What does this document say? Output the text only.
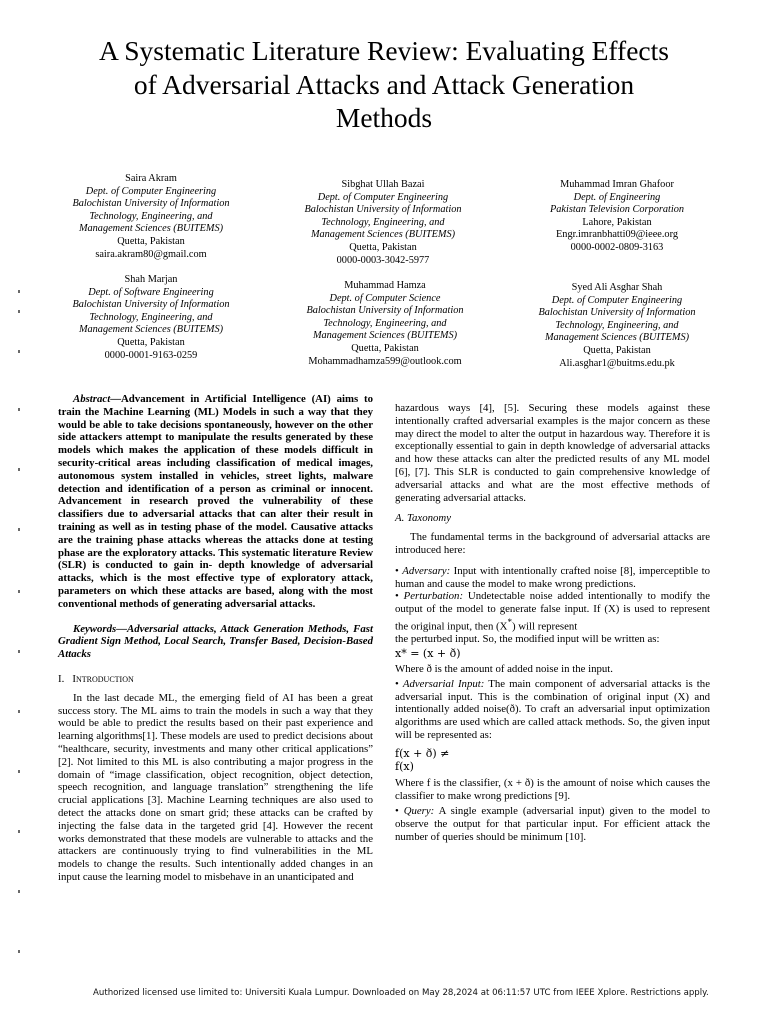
A Systematic Literature Review: Evaluating Effects
of Adversarial Attacks and Attack Generation
Methods
Saira Akram
Dept. of Computer Engineering
Balochistan University of Information
Technology, Engineering, and
Management Sciences (BUITEMS)
Quetta, Pakistan
saira.akram80@gmail.com
Sibghat Ullah Bazai
Dept. of Computer Engineering
Balochistan University of Information
Technology, Engineering, and
Management Sciences (BUITEMS)
Quetta, Pakistan
0000-0003-3042-5977
Muhammad Imran Ghafoor
Dept. of Engineering
Pakistan Television Corporation
Lahore, Pakistan
Engr.imranbhatti09@ieee.org
0000-0002-0809-3163
Shah Marjan
Dept. of Software Engineering
Balochistan University of Information
Technology, Engineering, and
Management Sciences (BUITEMS)
Quetta, Pakistan
0000-0001-9163-0259
Muhammad Hamza
Dept. of Computer Science
Balochistan University of Information
Technology, Engineering, and
Management Sciences (BUITEMS)
Quetta, Pakistan
Mohammadhamza599@outlook.com
Syed Ali Asghar Shah
Dept. of Computer Engineering
Balochistan University of Information
Technology, Engineering, and
Management Sciences (BUITEMS)
Quetta, Pakistan
Ali.asghar1@buitms.edu.pk

Abstract—Advancement in Artificial Intelligence (AI) aims to train the Machine Learning (ML) Models in such a way that they would be able to take decisions spontaneously, however on the other side attackers attempt to manipulate the results generated by these models which makes the application of these models difficult in security-critical areas including classification of medical images, autonomous system installed in vehicles, street lights, malware detection and identification of a person as criminal or innocent. Advancement in research proved the vulnerability of these classifiers due to adversarial attacks that can alter their result in training as well as in testing phase of the model. Causative attacks are the training phase attacks whereas the attacks done at testing phase are the exploratory attacks. This systematic literature Review (SLR) is conducted to gain in- depth knowledge of adversarial attacks, which is the most effective type of exploratory attack, parameters on which these attacks are based, along with the most conventional methods of generating adversarial attacks.

Keywords—Adversarial attacks, Attack Generation Methods, Fast Gradient Sign Method, Local Search, Transfer Based, Decision-Based Attacks

I. Introduction

In the last decade ML, the emerging field of AI has been a great success story. The ML aims to train the models in such a way that they would be able to predict the results based on their past experience and learning algorithms[1]. These models are used to predict decisions about “healthcare, security, investments and many other critical applications” [2]. Not limited to this ML is also contributing a major progress in the domain of “image classification, object recognition, object detection, speech recognition, and language translation” strengthening the life crucial applications [3]. Machine Learning techniques are also used to detect the attacks done on smart grid; these attacks can be crafted by injecting the false data in the targeted grid [4]. However the recent works demonstrated that these models are vulnerable to attacks and the attackers are continuously trying to find vulnerabilities in the ML models to change the results. Such intentionally added changes in an input cause the learning model to misbehave in an unanticipated and

hazardous ways [4], [5]. Securing these models against these intentionally crafted adversarial examples is the major concern as these may direct the model to alter the output in hazardous way. Therefore it is exceptionally essential to gain in depth knowledge of adversarial attacks and how these attacks can alter the predicted results of any ML model [6], [7]. This SLR is conducted to gain comprehensive knowledge of adversarial attacks and what are the most effective methods of generating adversarial attacks.

A. Taxonomy

The fundamental terms in the background of adversarial attacks are introduced here:

• Adversary: Input with intentionally crafted noise [8], imperceptible to human and cause the model to make wrong predictions.

• Perturbation: Undetectable noise added intentionally to modify the output of the model to generate false input. If (X) is used to represent the original input, then (X*) will represent

the perturbed input. So, the modified input will be written as:

x* = (x + ð)

Where ð is the amount of added noise in the input.

• Adversarial Input: The main component of adversarial attacks is the adversarial input. This is the combination of original input (X) and intentionally added noise(ð). To craft an adversarial input optimization algorithms are used which are called attack methods. So, the given input will be represented as:

f(x + ð) ≠

f(x)

Where f is the classifier, (x + ð) is the amount of noise which causes the classifier to make wrong predictions [9].

• Query: A single example (adversarial input) given to the model to observe the output for that particular input. For efficient attack the number of queries should be minimum [10].

Authorized licensed use limited to: Universiti Kuala Lumpur. Downloaded on May 28,2024 at 06:11:57 UTC from IEEE Xplore. Restrictions apply.
